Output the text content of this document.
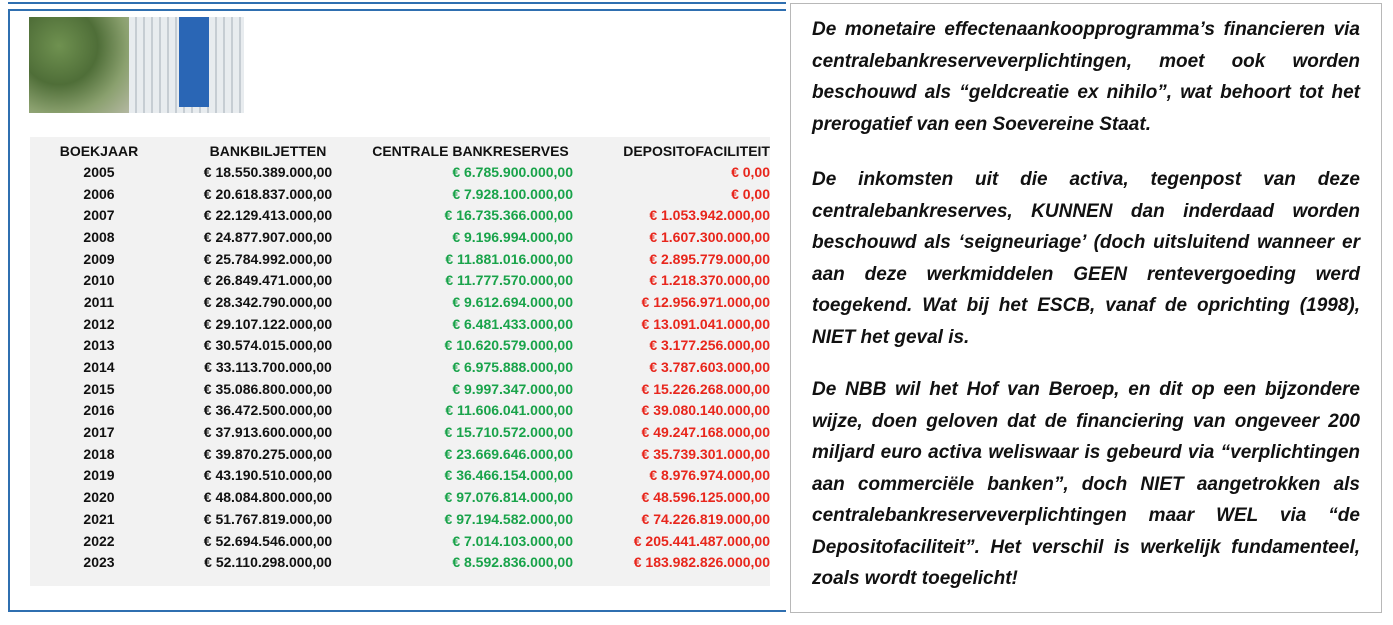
BOEKJAAR	BANKBILJETTEN	CENTRALE BANKRESERVES	DEPOSITOFACILITEIT
2005	€ 18.550.389.000,00	€ 6.785.900.000,00	€ 0,00
2006	€ 20.618.837.000,00	€ 7.928.100.000,00	€ 0,00
2007	€ 22.129.413.000,00	€ 16.735.366.000,00	€ 1.053.942.000,00
2008	€ 24.877.907.000,00	€ 9.196.994.000,00	€ 1.607.300.000,00
2009	€ 25.784.992.000,00	€ 11.881.016.000,00	€ 2.895.779.000,00
2010	€ 26.849.471.000,00	€ 11.777.570.000,00	€ 1.218.370.000,00
2011	€ 28.342.790.000,00	€ 9.612.694.000,00	€ 12.956.971.000,00
2012	€ 29.107.122.000,00	€ 6.481.433.000,00	€ 13.091.041.000,00
2013	€ 30.574.015.000,00	€ 10.620.579.000,00	€ 3.177.256.000,00
2014	€ 33.113.700.000,00	€ 6.975.888.000,00	€ 3.787.603.000,00
2015	€ 35.086.800.000,00	€ 9.997.347.000,00	€ 15.226.268.000,00
2016	€ 36.472.500.000,00	€ 11.606.041.000,00	€ 39.080.140.000,00
2017	€ 37.913.600.000,00	€ 15.710.572.000,00	€ 49.247.168.000,00
2018	€ 39.870.275.000,00	€ 23.669.646.000,00	€ 35.739.301.000,00
2019	€ 43.190.510.000,00	€ 36.466.154.000,00	€ 8.976.974.000,00
2020	€ 48.084.800.000,00	€ 97.076.814.000,00	€ 48.596.125.000,00
2021	€ 51.767.819.000,00	€ 97.194.582.000,00	€ 74.226.819.000,00
2022	€ 52.694.546.000,00	€ 7.014.103.000,00	€ 205.441.487.000,00
2023	€ 52.110.298.000,00	€ 8.592.836.000,00	€ 183.982.826.000,00
De monetaire effectenaankoopprogramma’s financieren via centralebankreserveverplichtingen, moet ook worden beschouwd als “geldcreatie ex nihilo”, wat behoort tot het prerogatief van een Soevereine Staat.
De inkomsten uit die activa, tegenpost van deze centralebankreserves, KUNNEN dan inderdaad worden beschouwd als ‘seigneuriage’ (doch uitsluitend wanneer er aan deze werkmiddelen GEEN rentevergoeding werd toegekend. Wat bij het ESCB, vanaf de oprichting (1998), NIET het geval is.
De NBB wil het Hof van Beroep, en dit op een bijzondere wijze, doen geloven dat de financiering van ongeveer 200 miljard euro activa weliswaar is gebeurd via “verplichtingen aan commerciële banken”, doch NIET aangetrokken als centralebankreserveverplichtingen maar WEL via “de Depositofaciliteit”. Het verschil is werkelijk fundamenteel, zoals wordt toegelicht!
